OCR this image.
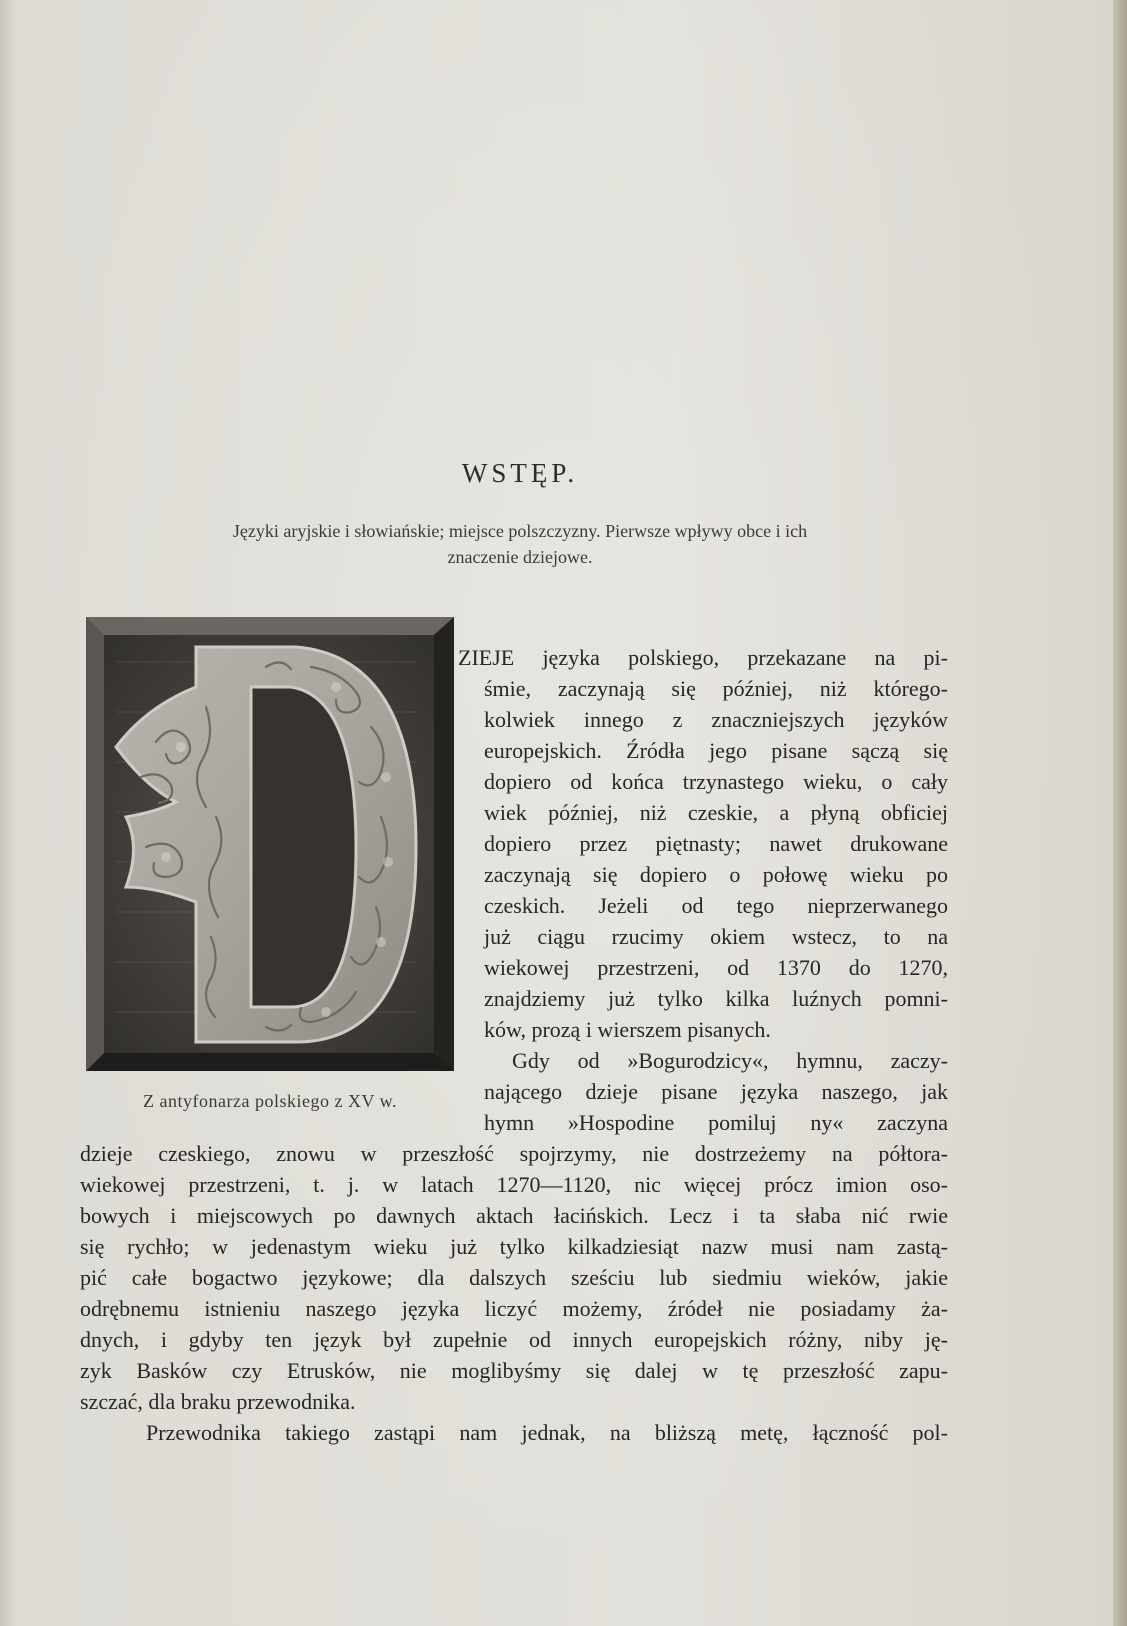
WSTĘP.
Języki aryjskie i słowiańskie; miejsce polszczyzny. Pierwsze wpływy obce i ich
znaczenie dziejowe.
Z antyfonarza polskiego z XV w.
ZIEJE języka polskiego, przekazane na pi-
śmie, zaczynają się później, niż którego-
kolwiek innego z znaczniejszych języków
europejskich. Źródła jego pisane sączą się
dopiero od końca trzynastego wieku, o cały
wiek później, niż czeskie, a płyną obficiej
dopiero przez piętnasty; nawet drukowane
zaczynają się dopiero o połowę wieku po
czeskich. Jeżeli od tego nieprzerwanego
już ciągu rzucimy okiem wstecz, to na
wiekowej przestrzeni, od 1370 do 1270,
znajdziemy już tylko kilka luźnych pomni-
ków, prozą i wierszem pisanych.
Gdy od »Bogurodzicy«, hymnu, zaczy-
nającego dzieje pisane języka naszego, jak
hymn »Hospodine pomiluj ny« zaczyna
dzieje czeskiego, znowu w przeszłość spojrzymy, nie dostrzeżemy na półtora-
wiekowej przestrzeni, t. j. w latach 1270—1120, nic więcej prócz imion oso-
bowych i miejscowych po dawnych aktach łacińskich. Lecz i ta słaba nić rwie
się rychło; w jedenastym wieku już tylko kilkadziesiąt nazw musi nam zastą-
pić całe bogactwo językowe; dla dalszych sześciu lub siedmiu wieków, jakie
odrębnemu istnieniu naszego języka liczyć możemy, źródeł nie posiadamy ża-
dnych, i gdyby ten język był zupełnie od innych europejskich różny, niby ję-
zyk Basków czy Etrusków, nie moglibyśmy się dalej w tę przeszłość zapu-
szczać, dla braku przewodnika.
Przewodnika takiego zastąpi nam jednak, na bliższą metę, łączność pol-
